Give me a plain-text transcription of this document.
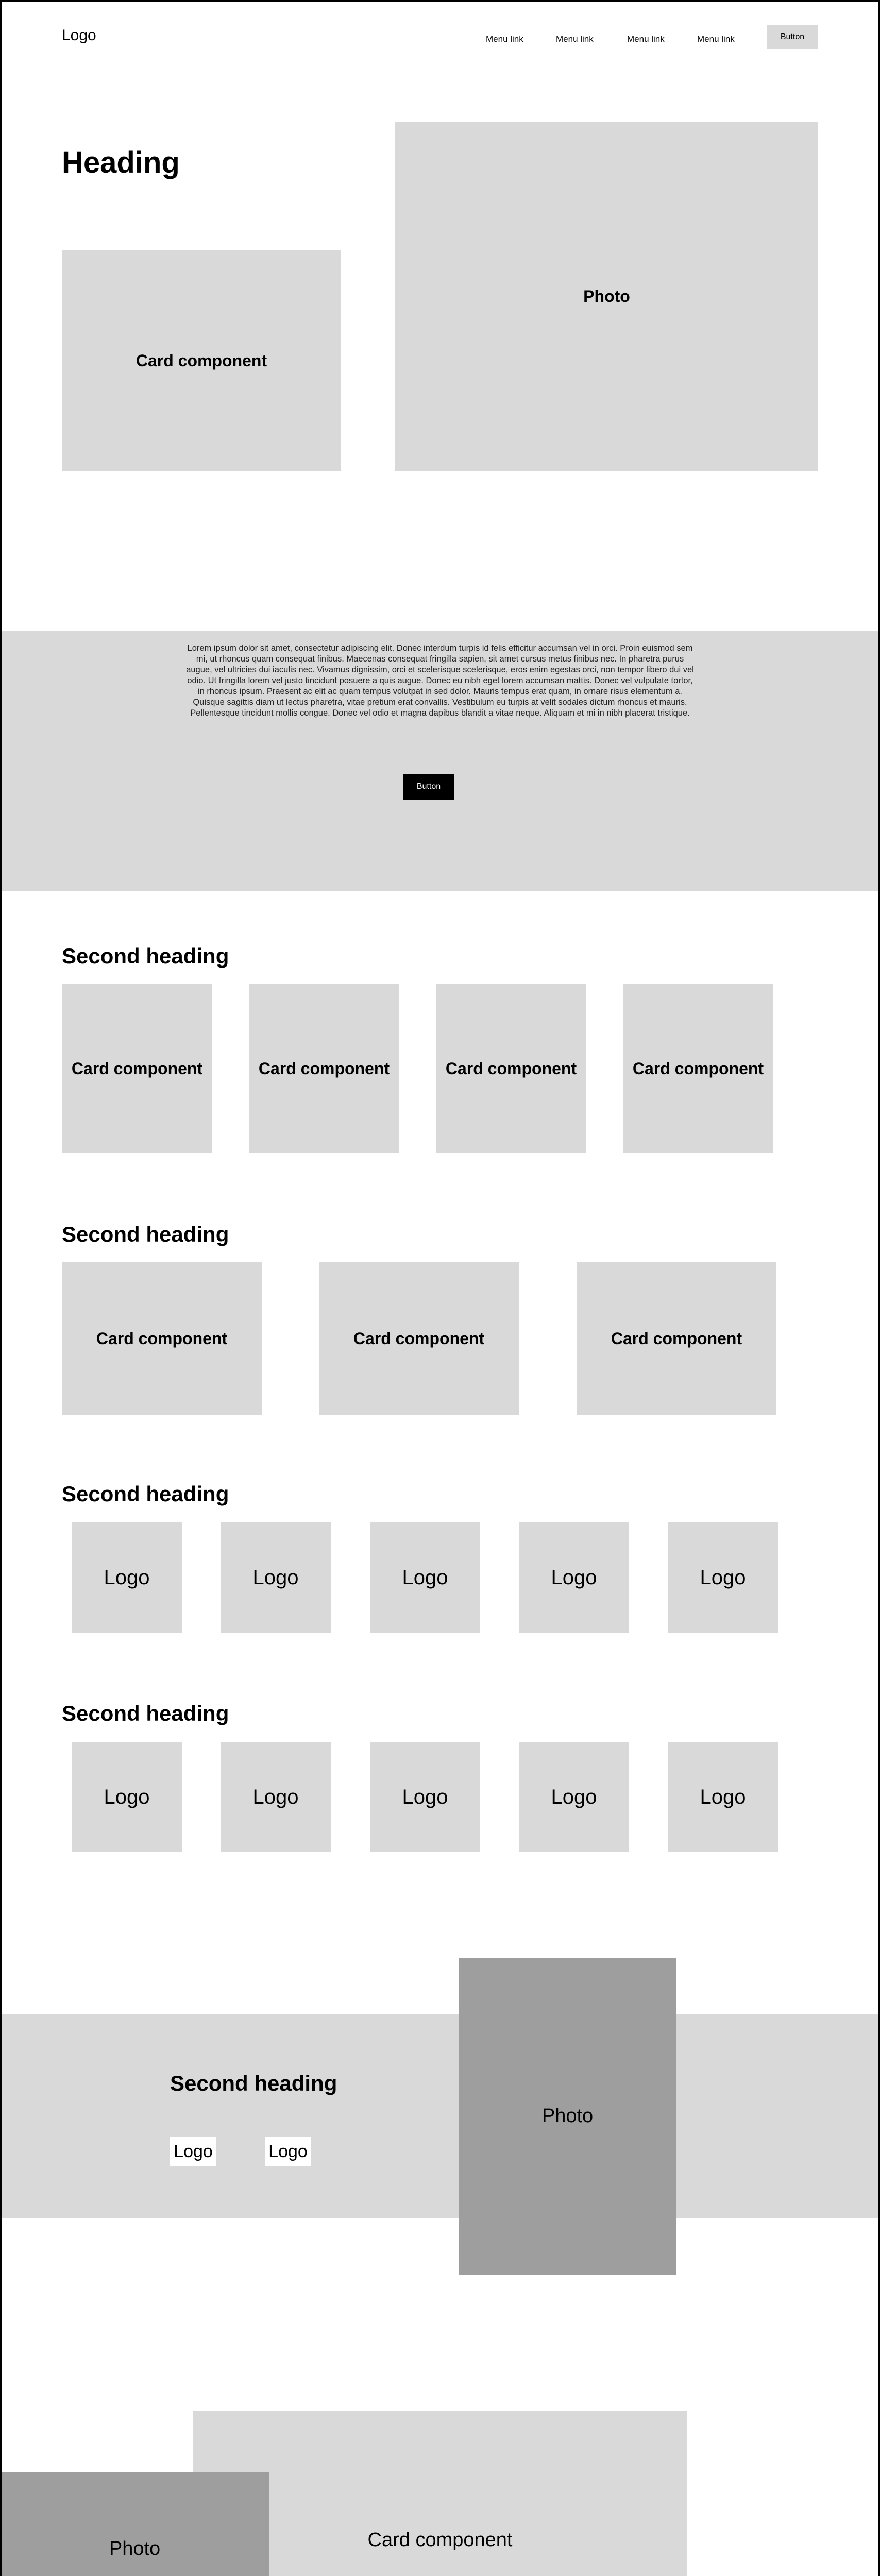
Logo	Menu link	Menu link	Menu link	Menu link	Button
Heading
Card component
Photo

Lorem ipsum dolor sit amet, consectetur adipiscing elit. Donec interdum turpis id felis efficitur accumsan vel in orci. Proin euismod sem mi, ut rhoncus quam consequat finibus. Maecenas consequat fringilla sapien, sit amet cursus metus finibus nec. In pharetra purus augue, vel ultricies dui iaculis nec. Vivamus dignissim, orci et scelerisque scelerisque, eros enim egestas orci, non tempor libero dui vel odio. Ut fringilla lorem vel justo tincidunt posuere a quis augue. Donec eu nibh eget lorem accumsan mattis. Donec vel vulputate tortor, in rhoncus ipsum. Praesent ac elit ac quam tempus volutpat in sed dolor. Mauris tempus erat quam, in ornare risus elementum a. Quisque sagittis diam ut lectus pharetra, vitae pretium erat convallis. Vestibulum eu turpis at velit sodales dictum rhoncus et mauris. Pellentesque tincidunt mollis congue. Donec vel odio et magna dapibus blandit a vitae neque. Aliquam et mi in nibh placerat tristique.

Button
Second heading
Card component	Card component	Card component	Card component
Second heading
Card component	Card component	Card component
Second heading
Logo	Logo	Logo	Logo	Logo
Second heading
Logo	Logo	Logo	Logo	Logo
Second heading
Logo	Logo
Photo
Card component
Photo
